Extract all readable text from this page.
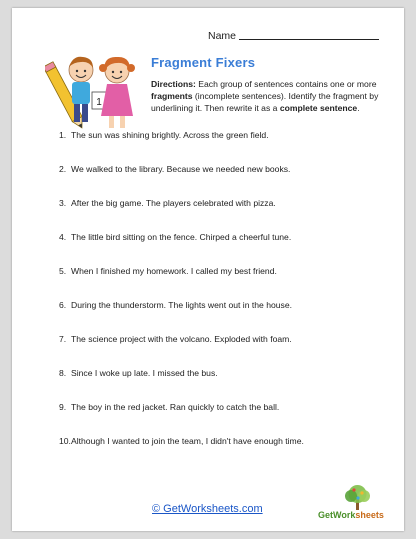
Name
1
Fragment Fixers
Directions: Each group of sentences contains one or more fragments (incomplete sentences). Identify the fragment by underlining it. Then rewrite it as a complete sentence.
1. The sun was shining brightly. Across the green field.
2. We walked to the library. Because we needed new books.
3. After the big game. The players celebrated with pizza.
4. The little bird sitting on the fence. Chirped a cheerful tune.
5. When I finished my homework. I called my best friend.
6. During the thunderstorm. The lights went out in the house.
7. The science project with the volcano. Exploded with foam.
8. Since I woke up late. I missed the bus.
9. The boy in the red jacket. Ran quickly to catch the ball.
10. Although I wanted to join the team, I didn't have enough time.
© GetWorksheets.com	GetWorksheets
